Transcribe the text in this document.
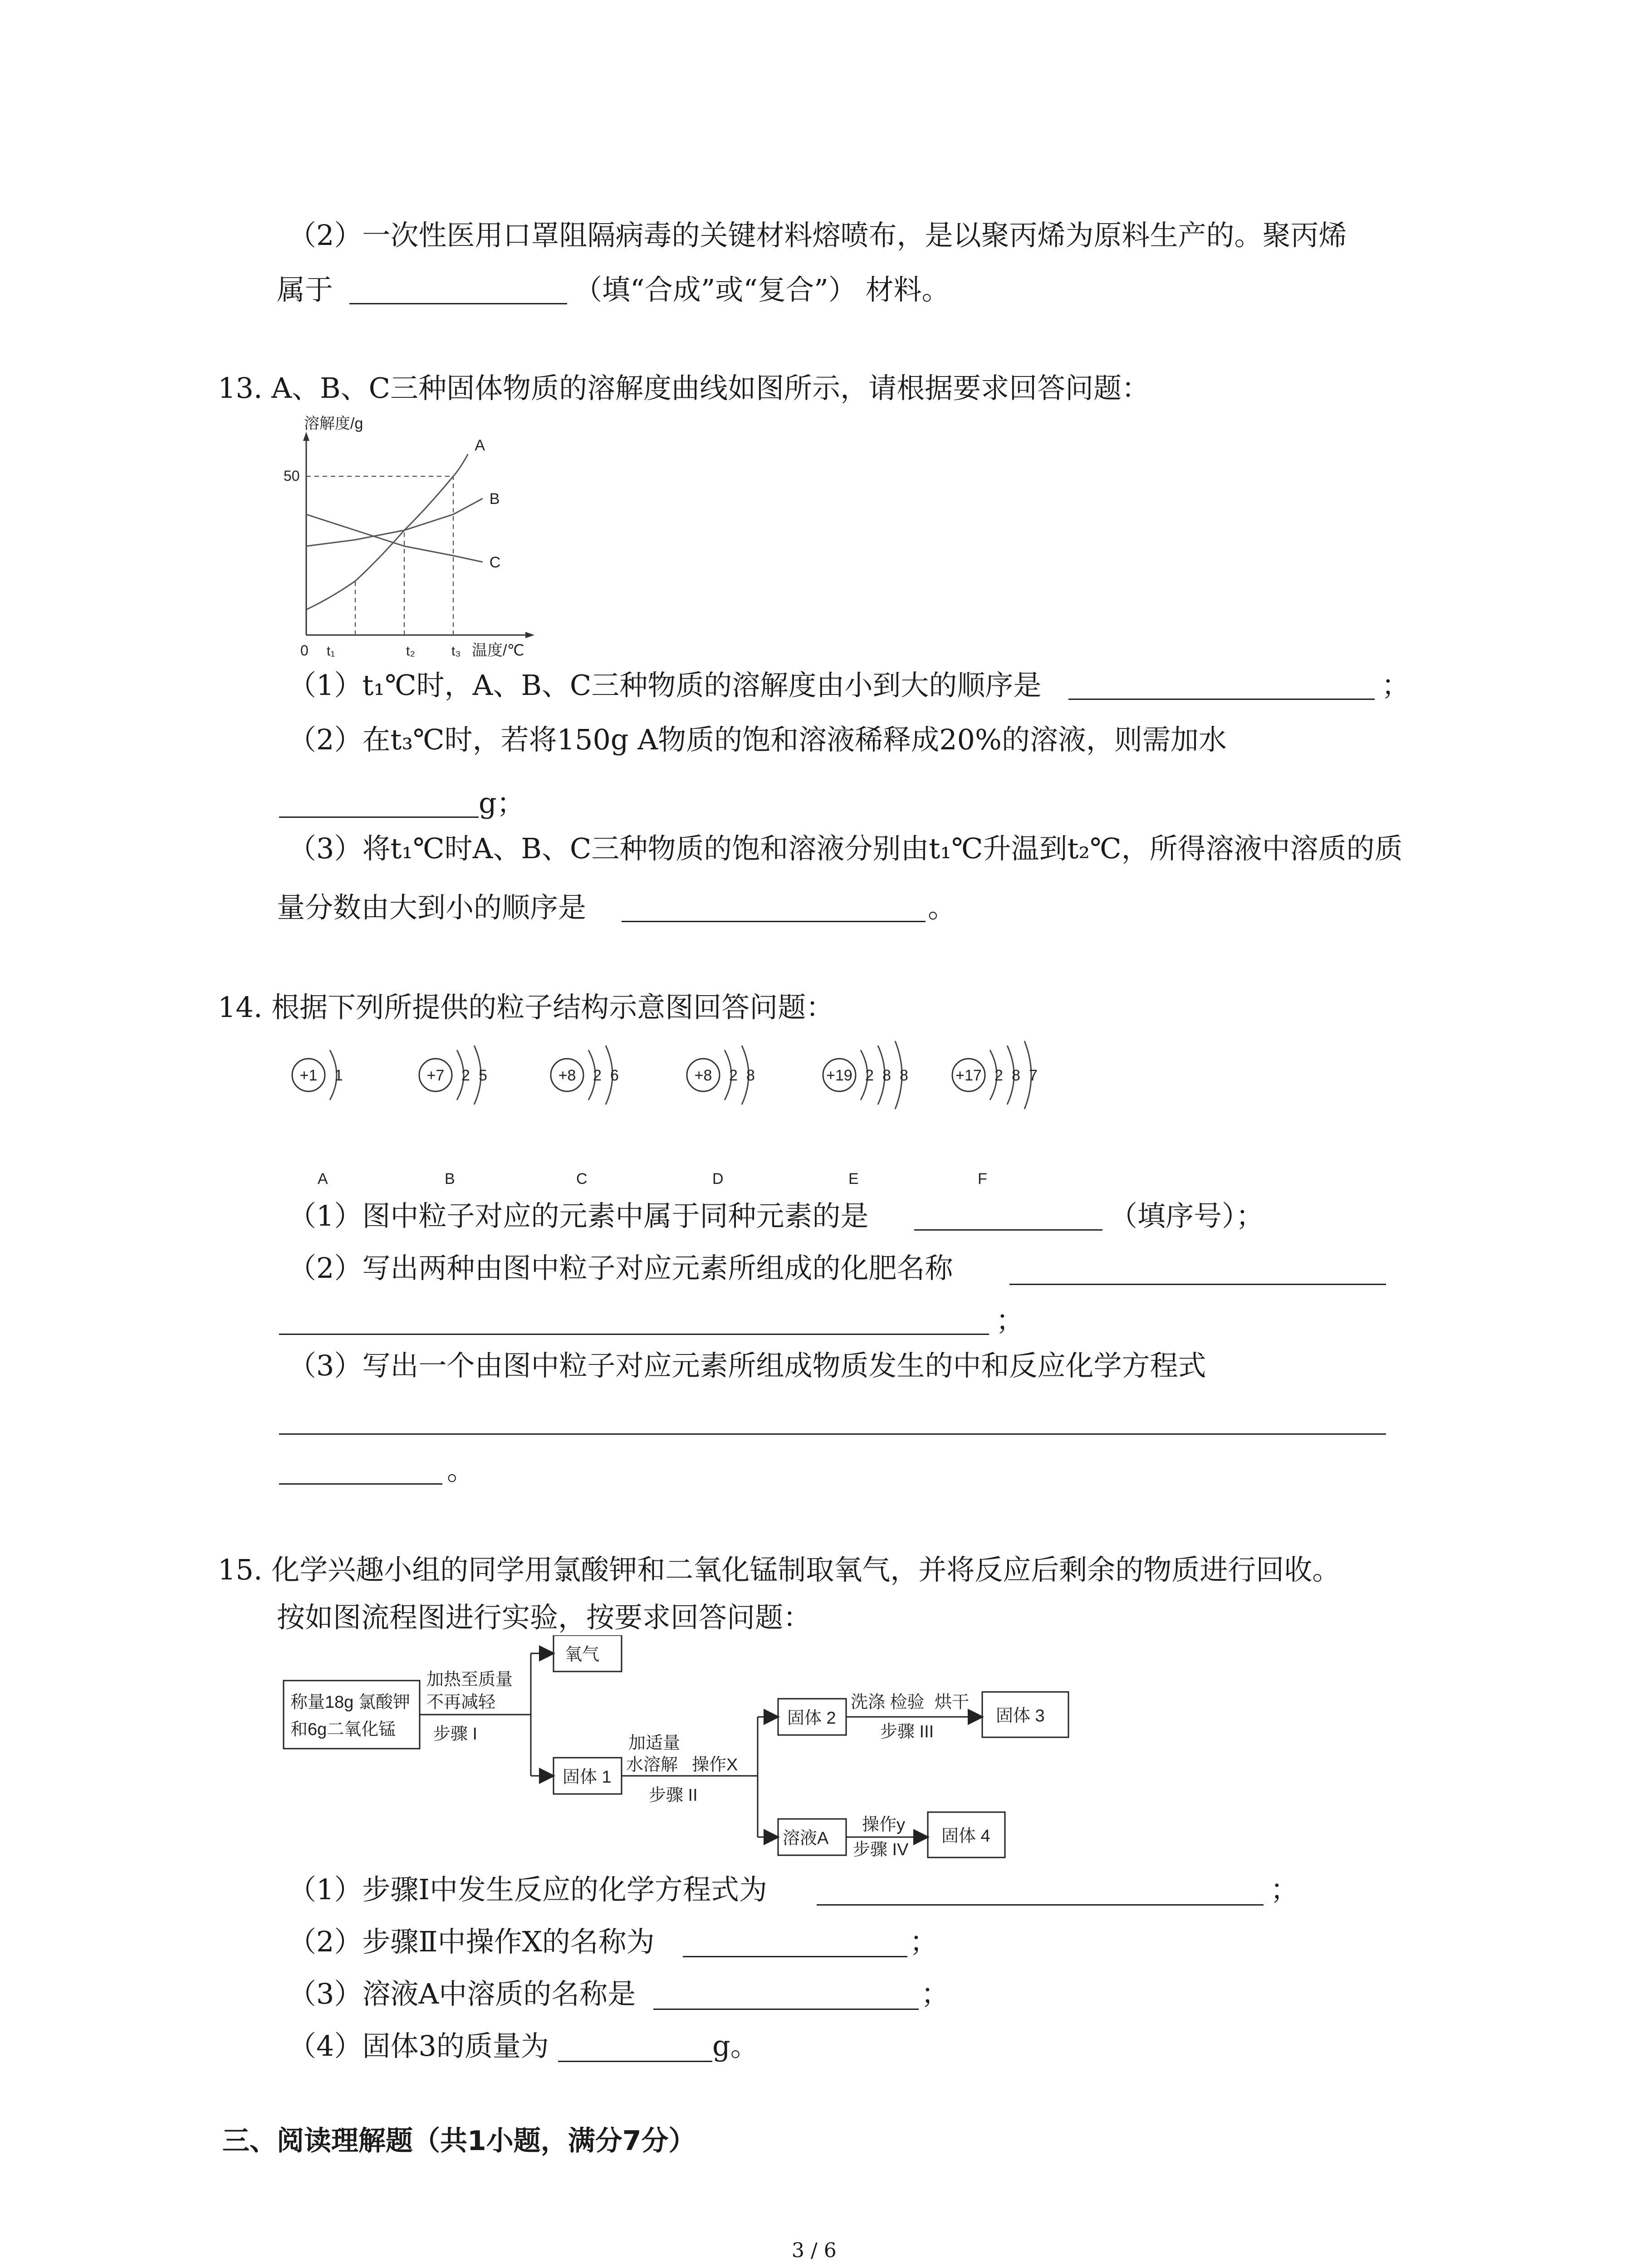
（2）一次性医用口罩阻隔病毒的关键材料熔喷布，是以聚丙烯为原料生产的。聚丙烯
属于	（填“合成”或“复合”） 材料。
13. A、B、C三种固体物质的溶解度曲线如图所示，请根据要求回答问题：
溶解度/g
50
0 t₁	t₂	t₃ 温度/℃
A
B
C
（1）t₁℃时，A、B、C三种物质的溶解度由小到大的顺序是	；
（2）在t₃℃时，若将150g A物质的饱和溶液稀释成20%的溶液，则需加水
g；
（3）将t₁℃时A、B、C三种物质的饱和溶液分别由t₁℃升温到t₂℃，所得溶液中溶质的质
量分数由大到小的顺序是	。
14. 根据下列所提供的粒子结构示意图回答问题：
+1 1
A
+7 2 5
B
+8 2 6
C
+8 2 8
D
+19 2 8 8
E
+17 2 8 7
F
（1）图中粒子对应的元素中属于同种元素的是	（填序号）；
（2）写出两种由图中粒子对应元素所组成的化肥名称
；
（3）写出一个由图中粒子对应元素所组成物质发生的中和反应化学方程式
。
15. 化学兴趣小组的同学用氯酸钾和二氧化锰制取氧气，并将反应后剩余的物质进行回收。
按如图流程图进行实验，按要求回答问题：
称量18g 氯酸钾
和6g二氧化锰
加热至质量
不再减轻
步骤 I
氧气
固体 1
加适量
水溶解 操作X
步骤 II
固体 2
洗涤 检验 烘干
步骤 III
固体 3
溶液A
操作y
步骤 IV
固体 4
（1）步骤Ⅰ中发生反应的化学方程式为	；
（2）步骤Ⅱ中操作X的名称为	；
（3）溶液A中溶质的名称是	；
（4）固体3的质量为	g。
三、阅读理解题（共1小题，满分7分）
3 / 6
